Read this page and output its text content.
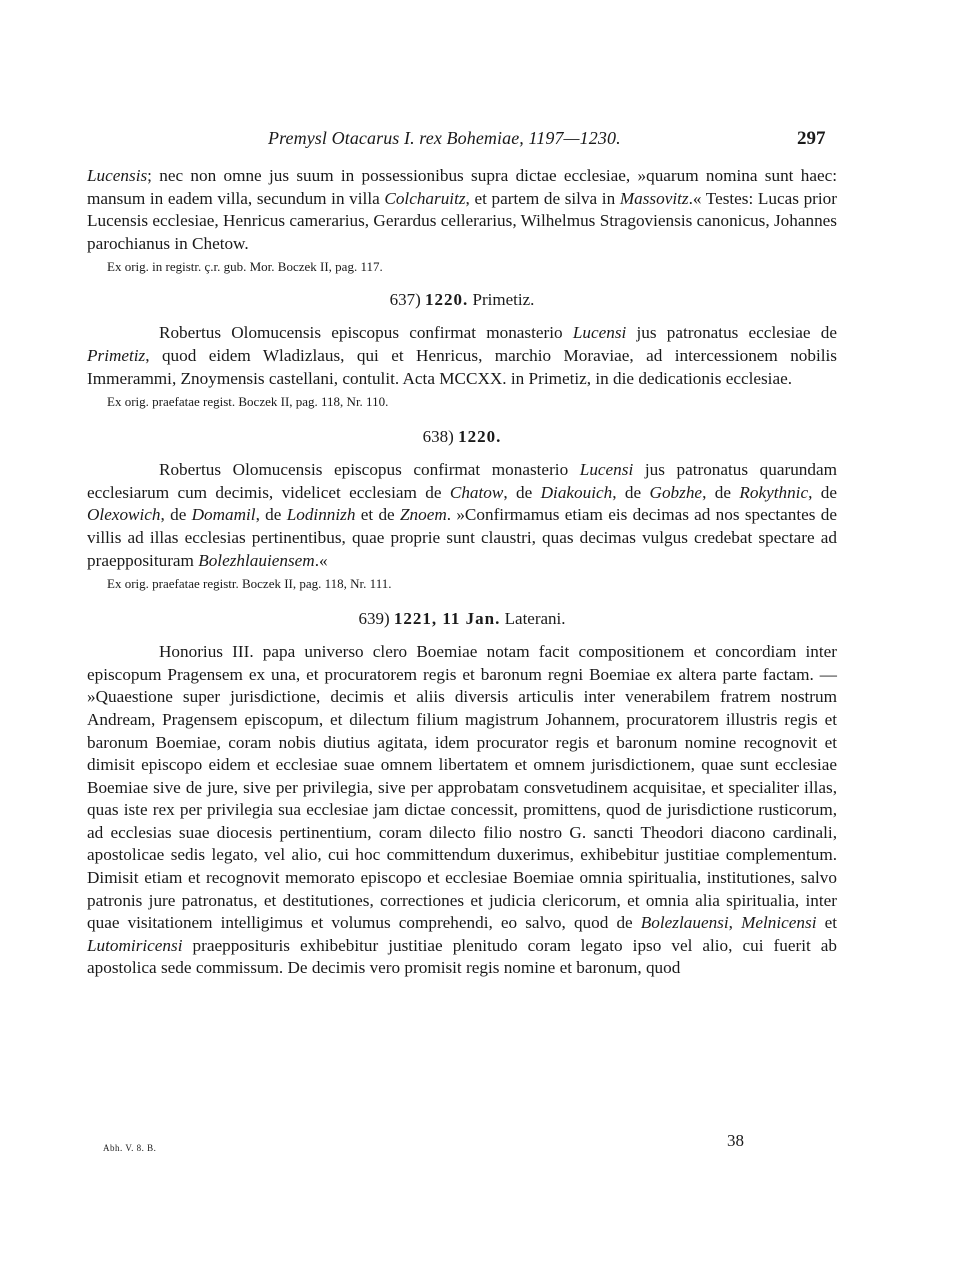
Premysl Otacarus I. rex Bohemiae, 1197—1230.	297

Lucensis; nec non omne jus suum in possessionibus supra dictae ecclesiae, »quarum nomina sunt haec: mansum in eadem villa, secundum in villa Colcharuitz, et partem de silva in Massovitz.« Testes: Lucas prior Lucensis ecclesiae, Henricus camerarius, Gerardus cellerarius, Wilhelmus Stragoviensis canonicus, Johannes parochianus in Chetow.

Ex orig. in registr. ç.r. gub. Mor. Boczek II, pag. 117.

637) 1220. Primetiz.

Robertus Olomucensis episcopus confirmat monasterio Lucensi jus patronatus ecclesiae de Primetiz, quod eidem Wladizlaus, qui et Henricus, marchio Moraviae, ad intercessionem nobilis Immerammi, Znoymensis castellani, contulit. Acta MCCXX. in Primetiz, in die dedicationis ecclesiae.

Ex orig. praefatae regist. Boczek II, pag. 118, Nr. 110.

638) 1220.

Robertus Olomucensis episcopus confirmat monasterio Lucensi jus patronatus quarundam ecclesiarum cum decimis, videlicet ecclesiam de Chatow, de Diakouich, de Gobzhe, de Rokythnic, de Olexowich, de Domamil, de Lodinnizh et de Znoem. »Confirmamus etiam eis decimas ad nos spectantes de villis ad illas ecclesias pertinentibus, quae proprie sunt claustri, quas decimas vulgus credebat spectare ad praepposituram Bolezhlauiensem.«

Ex orig. praefatae registr. Boczek II, pag. 118, Nr. 111.

639) 1221, 11 Jan. Laterani.

Honorius III. papa universo clero Boemiae notam facit compositionem et concordiam inter episcopum Pragensem ex una, et procuratorem regis et baronum regni Boemiae ex altera parte factam. — »Quaestione super jurisdictione, decimis et aliis diversis articulis inter venerabilem fratrem nostrum Andream, Pragensem episcopum, et dilectum filium magistrum Johannem, procuratorem illustris regis et baronum Boemiae, coram nobis diutius agitata, idem procurator regis et baronum nomine recognovit et dimisit episcopo eidem et ecclesiae suae omnem libertatem et omnem jurisdictionem, quae sunt ecclesiae Boemiae sive de jure, sive per privilegia, sive per approbatam consvetudinem acquisitae, et specialiter illas, quas iste rex per privilegia sua ecclesiae jam dictae concessit, promittens, quod de jurisdictione rusticorum, ad ecclesias suae diocesis pertinentium, coram dilecto filio nostro G. sancti Theodori diacono cardinali, apostolicae sedis legato, vel alio, cui hoc committendum duxerimus, exhibebitur justitiae complementum. Dimisit etiam et recognovit memorato episcopo et ecclesiae Boemiae omnia spiritualia, institutiones, salvo patronis jure patronatus, et destitutiones, correctiones et judicia clericorum, et omnia alia spiritualia, inter quae visitationem intelligimus et volumus comprehendi, eo salvo, quod de Bolezlauensi, Melnicensi et Lutomiricensi praepposituris exhibebitur justitiae plenitudo coram legato ipso vel alio, cui fuerit ab apostolica sede commissum. De decimis vero promisit regis nomine et baronum, quod

Abh. V. 8. B.	38
